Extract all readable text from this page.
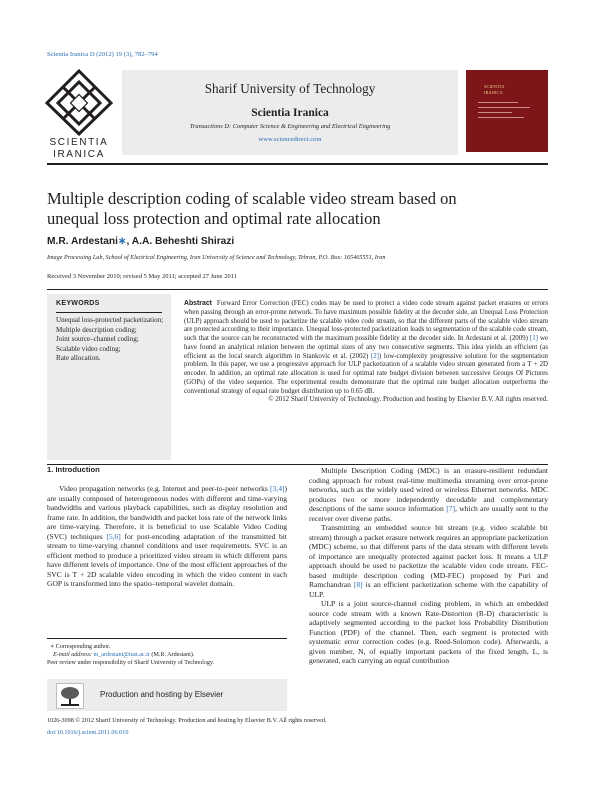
Scientia Iranica D (2012) 19 (3), 782–794
SCIENTIA
IRANICA
Sharif University of Technology
Scientia Iranica
Transactions D: Computer Science & Engineering and Electrical Engineering
www.sciencedirect.com
SCIENTIA
IRANICA
Multiple description coding of scalable video stream based on
unequal loss protection and optimal rate allocation
M.R. Ardestani∗, A.A. Beheshti Shirazi
Image Processing Lab, School of Electrical Engineering, Iran University of Science and Technology, Tehran, P.O. Box: 165465551, Iran
Received 3 November 2010; revised 5 May 2011; accepted 27 June 2011
KEYWORDS
Unequal loss-protected packetization;
Multiple description coding;
Joint source–channel coding;
Scalable video coding;
Rate allocation.
Abstract Forward Error Correction (FEC) codes may be used to protect a video code stream against packet erasures or errors when passing through an error-prone network. To have maximum possible fidelity at the decoder side, an Unequal Loss Protection (ULP) approach should be used to packetize the scalable video code stream, so that the different parts of the scalable video stream are protected according to their importance. Unequal loss-protected packetization leads to segmentation of the scalable code stream, such that the source can be reconstructed with the maximum possible fidelity at the decoder side. In Ardestani et al. (2009) [1] we have found an analytical relation between the optimal sizes of any two consecutive segments. This idea yields an efficient (as efficient as the local search algorithm in Stankovic et al. (2002) [2]) low-complexity progressive solution for the segmentation problem. In this paper, we use a progressive approach for ULP packetization of a scalable video stream generated from a T + 2D encoder. In addition, an optimal rate allocation is used for optimal rate budget division between successive Groups Of Pictures (GOPs) of the video sequence. The experimental results demonstrate that the optimal rate budget allocation outperforms the conventional strategy of equal rate budget distribution up to 0.65 dB.
© 2012 Sharif University of Technology. Production and hosting by Elsevier B.V. All rights reserved.
1. Introduction

Video propagation networks (e.g. Internet and peer-to-peer networks [3,4]) are usually composed of heterogeneous nodes with different and time-varying bandwidths and various playback capabilities, such as display resolution and frame rate. In addition, the bandwidth and packet loss rate of the network links are time-varying. Therefore, it is beneficial to use Scalable Video Coding (SVC) techniques [5,6] for post-encoding adaptation of the transmitted bit stream to time-varying channel conditions and user requirements. SVC is an efficient method to produce a prioritized video stream in which different parts have different levels of importance. One of the most efficient approaches of the SVC is T + 2D scalable video encoding in which the video content in each GOP is transformed into the spatio–temporal wavelet domain.

Multiple Description Coding (MDC) is an erasure-resilient redundant coding approach for robust real-time multimedia streaming over error-prone networks, such as the widely used wired or wireless Ethernet networks. MDC produces two or more independently decodable and complementary descriptions of the same source information [7], which are usually sent to the receiver over diverse paths.

Transmitting an embedded source bit stream (e.g. video scalable bit stream) through a packet erasure network requires an appropriate packetization (MDC) scheme, so that different parts of the data stream with different levels of importance are unequally protected against packet loss. It means a ULP approach should be used to packetize the scalable video code stream. FEC-based multiple description coding (MD-FEC) proposed by Puri and Ramchandran [8] is an efficient packetization scheme with the capability of ULP.

ULP is a joint source-channel coding problem, in which an embedded source code stream with a known Rate-Distortion (R-D) characteristic is adaptively segmented according to the packet loss Probability Distribution Function (PDF) of the channel. Then, each segment is protected with systematic error correction codes (e.g. Reed-Solomon code). Afterwards, a given number, N, of equally important packets of the fixed length, L, is generated, each carrying an equal contribution

∗ Corresponding author.
E-mail address: m_ardestani@iust.ac.ir (M.R. Ardestani).
Peer review under responsibility of Sharif University of Technology.
Production and hosting by Elsevier
1026-3098 © 2012 Sharif University of Technology. Production and hosting by Elsevier B.V. All rights reserved.
doi:10.1016/j.scient.2011.06.010
